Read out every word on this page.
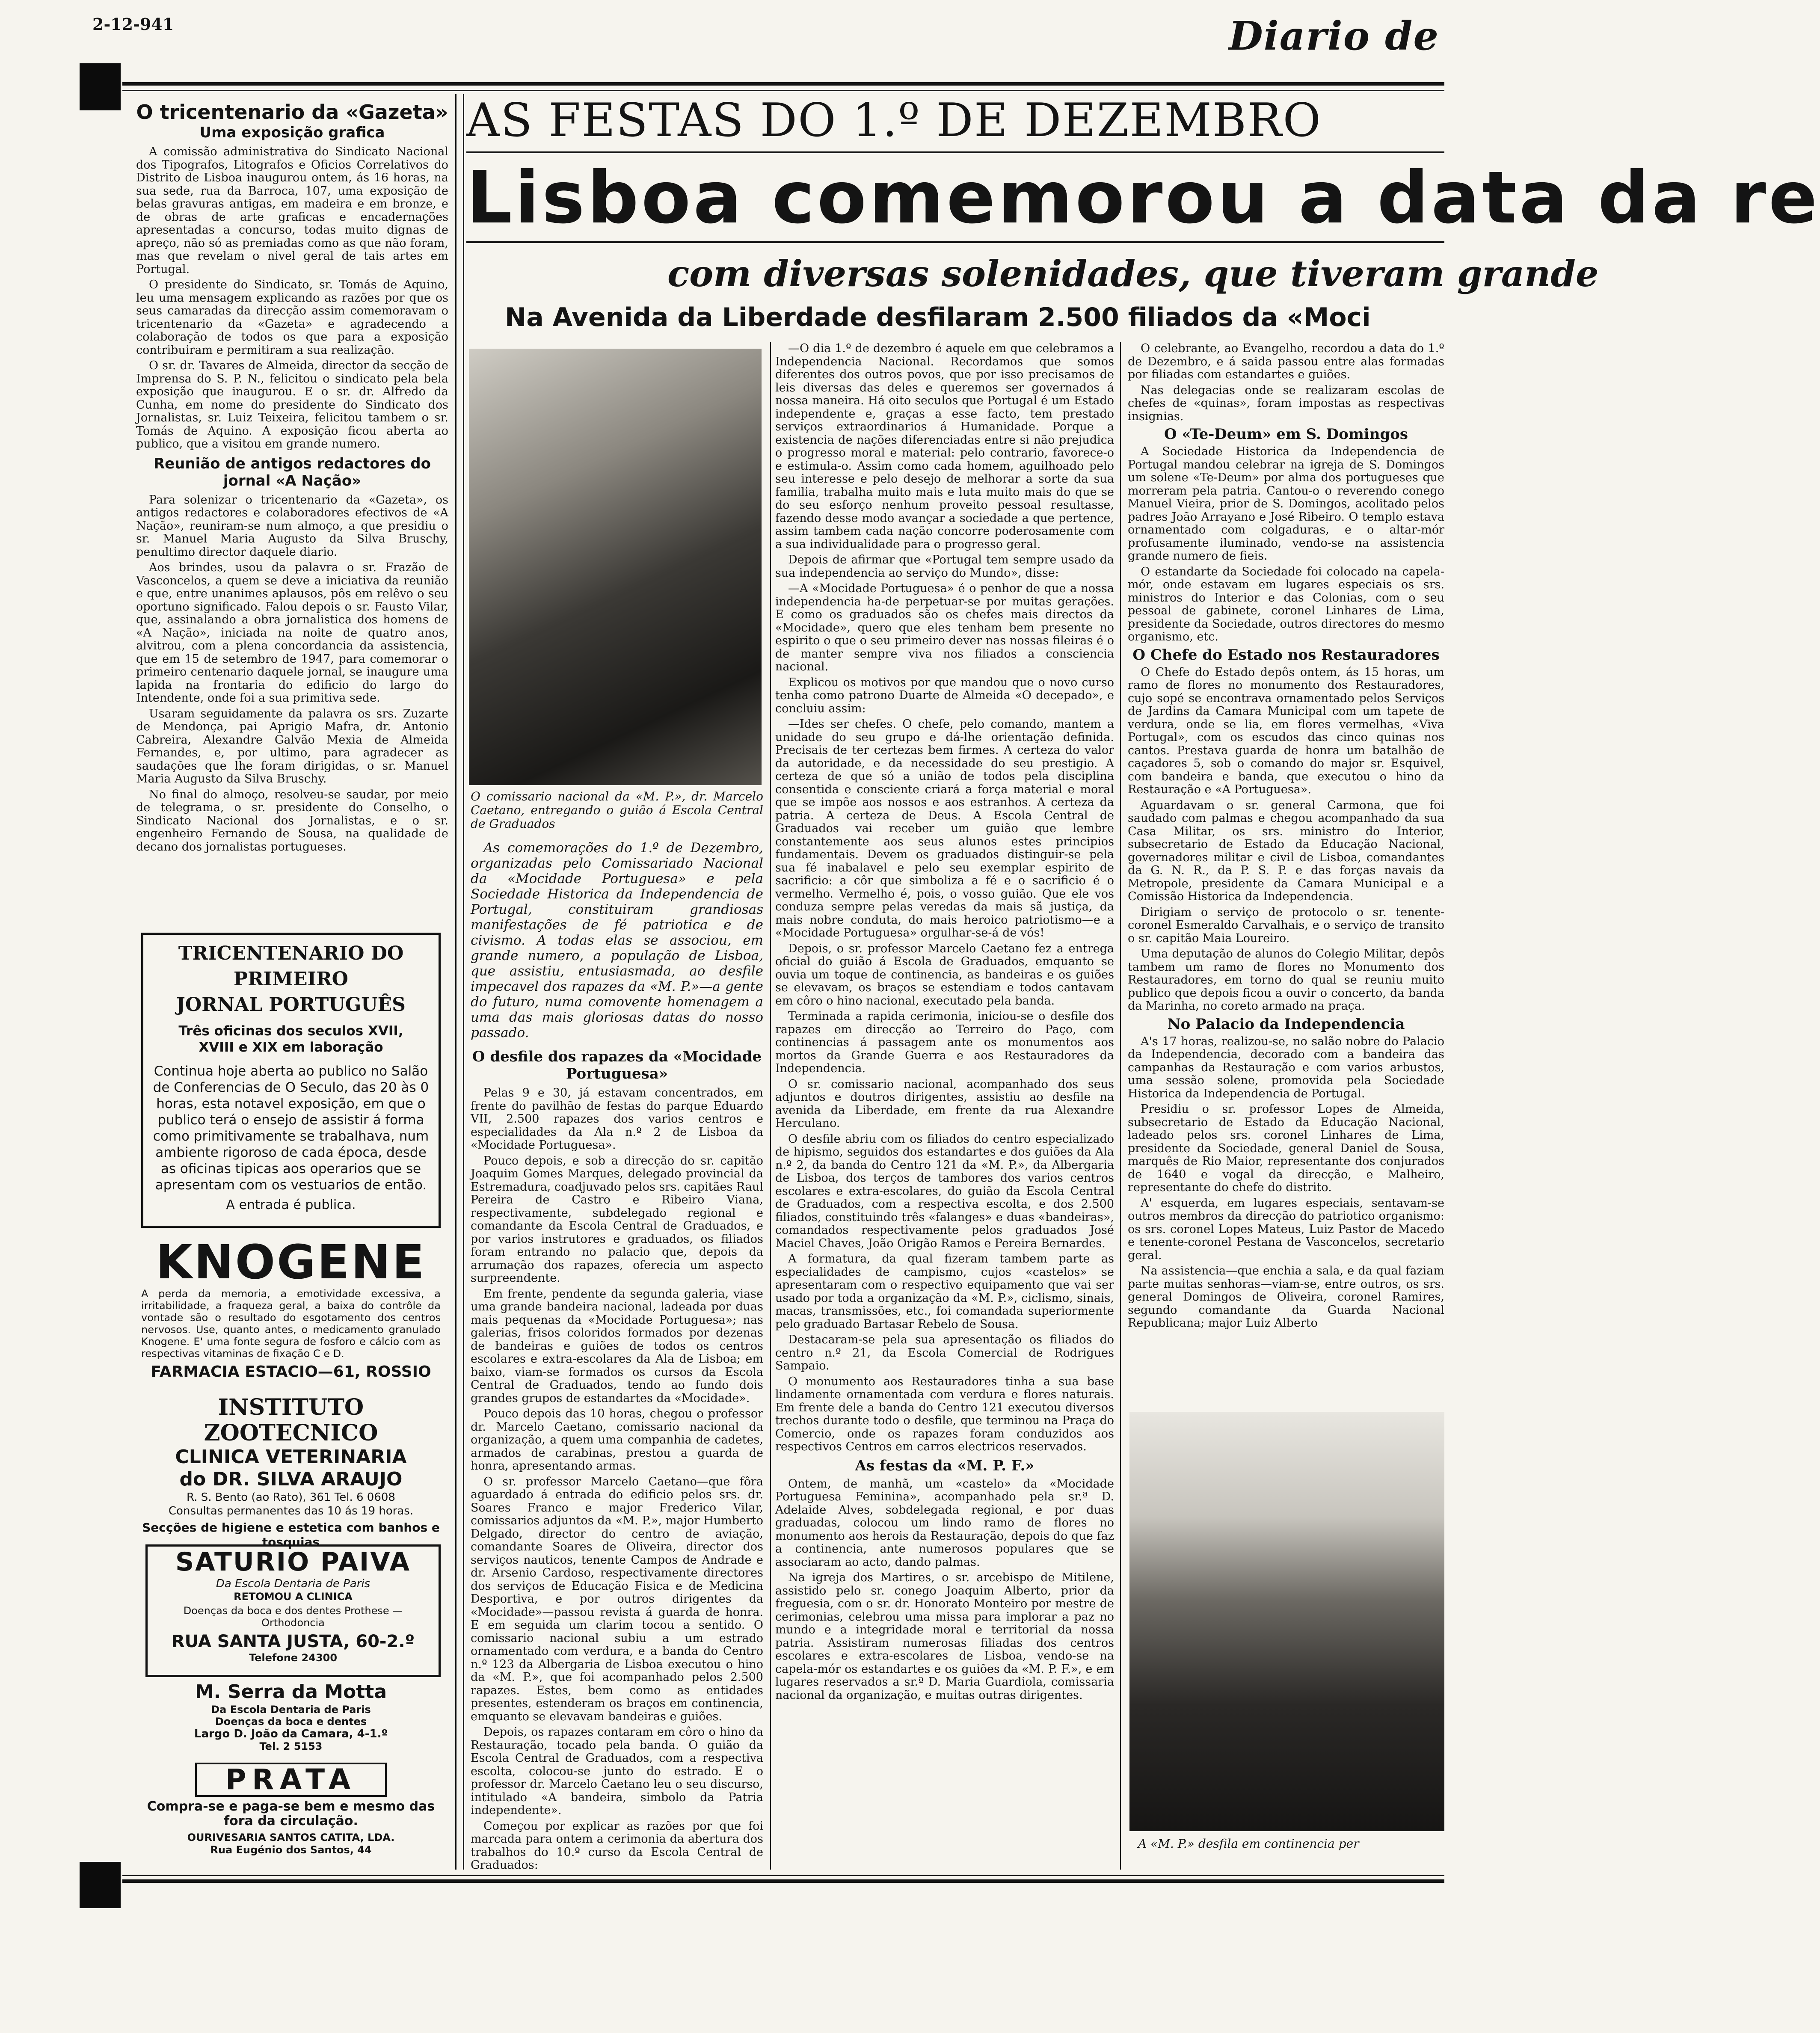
2-12-941	Diario de
O tricentenario da «Gazeta»
Uma exposição grafica

A comissão administrativa do Sindicato Nacional dos Tipografos, Litografos e Oficios Correlativos do Distrito de Lisboa inaugurou ontem, ás 16 horas, na sua sede, rua da Barroca, 107, uma exposição de belas gravuras antigas, em madeira e em bronze, e de obras de arte graficas e encadernações apresentadas a concurso, todas muito dignas de apreço, não só as premiadas como as que não foram, mas que revelam o nivel geral de tais artes em Portugal.

O presidente do Sindicato, sr. Tomás de Aquino, leu uma mensagem explicando as razões por que os seus camaradas da direcção assim comemoravam o tricentenario da «Gazeta» e agradecendo a colaboração de todos os que para a exposição contribuiram e permitiram a sua realização.

O sr. dr. Tavares de Almeida, director da secção de Imprensa do S. P. N., felicitou o sindicato pela bela exposição que inaugurou. E o sr. dr. Alfredo da Cunha, em nome do presidente do Sindicato dos Jornalistas, sr. Luiz Teixeira, felicitou tambem o sr. Tomás de Aquino. A exposição ficou aberta ao publico, que a visitou em grande numero.

Reunião de antigos redactores do jornal «A Nação»

Para solenizar o tricentenario da «Gazeta», os antigos redactores e colaboradores efectivos de «A Nação», reuniram-se num almoço, a que presidiu o sr. Manuel Maria Augusto da Silva Bruschy, penultimo director daquele diario.

Aos brindes, usou da palavra o sr. Frazão de Vasconcelos, a quem se deve a iniciativa da reunião e que, entre unanimes aplausos, pôs em relêvo o seu oportuno significado. Falou depois o sr. Fausto Vilar, que, assinalando a obra jornalistica dos homens de «A Nação», iniciada na noite de quatro anos, alvitrou, com a plena concordancia da assistencia, que em 15 de setembro de 1947, para comemorar o primeiro centenario daquele jornal, se inaugure uma lapida na frontaria do edificio do largo do Intendente, onde foi a sua primitiva sede.

Usaram seguidamente da palavra os srs. Zuzarte de Mendonça, pai Aprigio Mafra, dr. Antonio Cabreira, Alexandre Galvão Mexia de Almeida Fernandes, e, por ultimo, para agradecer as saudações que lhe foram dirigidas, o sr. Manuel Maria Augusto da Silva Bruschy.

No final do almoço, resolveu-se saudar, por meio de telegrama, o sr. presidente do Conselho, o Sindicato Nacional dos Jornalistas, e o sr. engenheiro Fernando de Sousa, na qualidade de decano dos jornalistas portugueses.

TRICENTENARIO DO PRIMEIRO
JORNAL PORTUGUÊS
Três oficinas dos seculos XVII,
XVIII e XIX em laboração
Continua hoje aberta ao publico no Salão de Conferencias de O Seculo, das 20 às 0 horas, esta notavel exposição, em que o publico terá o ensejo de assistir á forma como primitivamente se trabalhava, num ambiente rigoroso de cada época, desde as oficinas tipicas aos operarios que se apresentam com os vestuarios de então.
A entrada é publica.
KNOGENE
A perda da memoria, a emotividade excessiva, a irritabilidade, a fraqueza geral, a baixa do contrôle da vontade são o resultado do esgotamento dos centros nervosos. Use, quanto antes, o medicamento granulado Knogene. E' uma fonte segura de fosforo e cálcio com as respectivas vitaminas de fixação C e D.
FARMACIA ESTACIO—61, ROSSIO
INSTITUTO ZOOTECNICO
CLINICA VETERINARIA
do DR. SILVA ARAUJO
R. S. Bento (ao Rato), 361 Tel. 6 0608
Consultas permanentes das 10 ás 19 horas.
Secções de higiene e estetica com banhos e tosquias
SATURIO PAIVA
Da Escola Dentaria de Paris
RETOMOU A CLINICA
Doenças da boca e dos dentes Prothese — Orthodoncia
RUA SANTA JUSTA, 60-2.º
Telefone 24300
M. Serra da Motta
Da Escola Dentaria de Paris
Doenças da boca e dentes
Largo D. João da Camara, 4-1.º
Tel. 2 5153
PRATA
Compra-se e paga-se bem e mesmo das fora da circulação.
OURIVESARIA SANTOS CATITA, LDA.
Rua Eugénio dos Santos, 44
AS FESTAS DO 1.º DE DEZEMBRO
Lisboa comemorou a data da re
com diversas solenidades, que tiveram grande
Na Avenida da Liberdade desfilaram 2.500 filiados da «Moci
O comissario nacional da «M. P.», dr. Marcelo Caetano, entregando o guião á Escola Central de Graduados
As comemorações do 1.º de Dezembro, organizadas pelo Comissariado Nacional da «Mocidade Portuguesa» e pela Sociedade Historica da Independencia de Portugal, constituiram grandiosas manifestações de fé patriotica e de civismo. A todas elas se associou, em grande numero, a população de Lisboa, que assistiu, entusiasmada, ao desfile impecavel dos rapazes da «M. P.»—a gente do futuro, numa comovente homenagem a uma das mais gloriosas datas do nosso passado.
O desfile dos rapazes da «Mocidade Portuguesa»

Pelas 9 e 30, já estavam concentrados, em frente do pavilhão de festas do parque Eduardo VII, 2.500 rapazes dos varios centros e especialidades da Ala n.º 2 de Lisboa da «Mocidade Portuguesa».

Pouco depois, e sob a direcção do sr. capitão Joaquim Gomes Marques, delegado provincial da Estremadura, coadjuvado pelos srs. capitães Raul Pereira de Castro e Ribeiro Viana, respectivamente, subdelegado regional e comandante da Escola Central de Graduados, e por varios instrutores e graduados, os filiados foram entrando no palacio que, depois da arrumação dos rapazes, oferecia um aspecto surpreendente.

Em frente, pendente da segunda galeria, viase uma grande bandeira nacional, ladeada por duas mais pequenas da «Mocidade Portuguesa»; nas galerias, frisos coloridos formados por dezenas de bandeiras e guiões de todos os centros escolares e extra-escolares da Ala de Lisboa; em baixo, viam-se formados os cursos da Escola Central de Graduados, tendo ao fundo dois grandes grupos de estandartes da «Mocidade».

Pouco depois das 10 horas, chegou o professor dr. Marcelo Caetano, comissario nacional da organização, a quem uma companhia de cadetes, armados de carabinas, prestou a guarda de honra, apresentando armas.

O sr. professor Marcelo Caetano—que fôra aguardado á entrada do edificio pelos srs. dr. Soares Franco e major Frederico Vilar, comissarios adjuntos da «M. P.», major Humberto Delgado, director do centro de aviação, comandante Soares de Oliveira, director dos serviços nauticos, tenente Campos de Andrade e dr. Arsenio Cardoso, respectivamente directores dos serviços de Educação Fisica e de Medicina Desportiva, e por outros dirigentes da «Mocidade»—passou revista á guarda de honra. E em seguida um clarim tocou a sentido. O comissario nacional subiu a um estrado ornamentado com verdura, e a banda do Centro n.º 123 da Albergaria de Lisboa executou o hino da «M. P.», que foi acompanhado pelos 2.500 rapazes. Estes, bem como as entidades presentes, estenderam os braços em continencia, emquanto se elevavam bandeiras e guiões.

Depois, os rapazes contaram em côro o hino da Restauração, tocado pela banda. O guião da Escola Central de Graduados, com a respectiva escolta, colocou-se junto do estrado. E o professor dr. Marcelo Caetano leu o seu discurso, intitulado «A bandeira, simbolo da Patria independente».

Começou por explicar as razões por que foi marcada para ontem a cerimonia da abertura dos trabalhos do 10.º curso da Escola Central de Graduados:

—O dia 1.º de dezembro é aquele em que celebramos a Independencia Nacional. Recordamos que somos diferentes dos outros povos, que por isso precisamos de leis diversas das deles e queremos ser governados á nossa maneira. Há oito seculos que Portugal é um Estado independente e, graças a esse facto, tem prestado serviços extraordinarios á Humanidade. Porque a existencia de nações diferenciadas entre si não prejudica o progresso moral e material: pelo contrario, favorece-o e estimula-o. Assim como cada homem, aguilhoado pelo seu interesse e pelo desejo de melhorar a sorte da sua familia, trabalha muito mais e luta muito mais do que se do seu esforço nenhum proveito pessoal resultasse, fazendo desse modo avançar a sociedade a que pertence, assim tambem cada nação concorre poderosamente com a sua individualidade para o progresso geral.

Depois de afirmar que «Portugal tem sempre usado da sua independencia ao serviço do Mundo», disse:

—A «Mocidade Portuguesa» é o penhor de que a nossa independencia ha-de perpetuar-se por muitas gerações. E como os graduados são os chefes mais directos da «Mocidade», quero que eles tenham bem presente no espirito o que o seu primeiro dever nas nossas fileiras é o de manter sempre viva nos filiados a consciencia nacional.

Explicou os motivos por que mandou que o novo curso tenha como patrono Duarte de Almeida «O decepado», e concluiu assim:

—Ides ser chefes. O chefe, pelo comando, mantem a unidade do seu grupo e dá-lhe orientação definida. Precisais de ter certezas bem firmes. A certeza do valor da autoridade, e da necessidade do seu prestigio. A certeza de que só a união de todos pela disciplina consentida e consciente criará a força material e moral que se impõe aos nossos e aos estranhos. A certeza da patria. A certeza de Deus. A Escola Central de Graduados vai receber um guião que lembre constantemente aos seus alunos estes principios fundamentais. Devem os graduados distinguir-se pela sua fé inabalavel e pelo seu exemplar espirito de sacrificio: a côr que simboliza a fé e o sacrificio é o vermelho. Vermelho é, pois, o vosso guião. Que ele vos conduza sempre pelas veredas da mais sã justiça, da mais nobre conduta, do mais heroico patriotismo—e a «Mocidade Portuguesa» orgulhar-se-á de vós!

Depois, o sr. professor Marcelo Caetano fez a entrega oficial do guião á Escola de Graduados, emquanto se ouvia um toque de continencia, as bandeiras e os guiões se elevavam, os braços se estendiam e todos cantavam em côro o hino nacional, executado pela banda.

Terminada a rapida cerimonia, iniciou-se o desfile dos rapazes em direcção ao Terreiro do Paço, com continencias á passagem ante os monumentos aos mortos da Grande Guerra e aos Restauradores da Independencia.

O sr. comissario nacional, acompanhado dos seus adjuntos e doutros dirigentes, assistiu ao desfile na avenida da Liberdade, em frente da rua Alexandre Herculano.

O desfile abriu com os filiados do centro especializado de hipismo, seguidos dos estandartes e dos guiões da Ala n.º 2, da banda do Centro 121 da «M. P.», da Albergaria de Lisboa, dos terços de tambores dos varios centros escolares e extra-escolares, do guião da Escola Central de Graduados, com a respectiva escolta, e dos 2.500 filiados, constituindo três «falanges» e duas «bandeiras», comandados respectivamente pelos graduados José Maciel Chaves, João Origão Ramos e Pereira Bernardes.

A formatura, da qual fizeram tambem parte as especialidades de campismo, cujos «castelos» se apresentaram com o respectivo equipamento que vai ser usado por toda a organização da «M. P.», ciclismo, sinais, macas, transmissões, etc., foi comandada superiormente pelo graduado Bartasar Rebelo de Sousa.

Destacaram-se pela sua apresentação os filiados do centro n.º 21, da Escola Comercial de Rodrigues Sampaio.

O monumento aos Restauradores tinha a sua base lindamente ornamentada com verdura e flores naturais. Em frente dele a banda do Centro 121 executou diversos trechos durante todo o desfile, que terminou na Praça do Comercio, onde os rapazes foram conduzidos aos respectivos Centros em carros electricos reservados.

As festas da «M. P. F.»

Ontem, de manhã, um «castelo» da «Mocidade Portuguesa Feminina», acompanhado pela sr.ª D. Adelaide Alves, sobdelegada regional, e por duas graduadas, colocou um lindo ramo de flores no monumento aos herois da Restauração, depois do que faz a continencia, ante numerosos populares que se associaram ao acto, dando palmas.

Na igreja dos Martires, o sr. arcebispo de Mitilene, assistido pelo sr. conego Joaquim Alberto, prior da freguesia, com o sr. dr. Honorato Monteiro por mestre de cerimonias, celebrou uma missa para implorar a paz no mundo e a integridade moral e territorial da nossa patria. Assistiram numerosas filiadas dos centros escolares e extra-escolares de Lisboa, vendo-se na capela-mór os estandartes e os guiões da «M. P. F.», e em lugares reservados a sr.ª D. Maria Guardiola, comissaria nacional da organização, e muitas outras dirigentes.

O celebrante, ao Evangelho, recordou a data do 1.º de Dezembro, e á saida passou entre alas formadas por filiadas com estandartes e guiões.

Nas delegacias onde se realizaram escolas de chefes de «quinas», foram impostas as respectivas insignias.

O «Te-Deum» em S. Domingos

A Sociedade Historica da Independencia de Portugal mandou celebrar na igreja de S. Domingos um solene «Te-Deum» por alma dos portugueses que morreram pela patria. Cantou-o o reverendo conego Manuel Vieira, prior de S. Domingos, acolitado pelos padres João Arrayano e José Ribeiro. O templo estava ornamentado com colgaduras, e o altar-mór profusamente iluminado, vendo-se na assistencia grande numero de fieis.

O estandarte da Sociedade foi colocado na capela-mór, onde estavam em lugares especiais os srs. ministros do Interior e das Colonias, com o seu pessoal de gabinete, coronel Linhares de Lima, presidente da Sociedade, outros directores do mesmo organismo, etc.

O Chefe do Estado nos Restauradores

O Chefe do Estado depôs ontem, ás 15 horas, um ramo de flores no monumento dos Restauradores, cujo sopé se encontrava ornamentado pelos Serviços de Jardins da Camara Municipal com um tapete de verdura, onde se lia, em flores vermelhas, «Viva Portugal», com os escudos das cinco quinas nos cantos. Prestava guarda de honra um batalhão de caçadores 5, sob o comando do major sr. Esquivel, com bandeira e banda, que executou o hino da Restauração e «A Portuguesa».

Aguardavam o sr. general Carmona, que foi saudado com palmas e chegou acompanhado da sua Casa Militar, os srs. ministro do Interior, subsecretario de Estado da Educação Nacional, governadores militar e civil de Lisboa, comandantes da G. N. R., da P. S. P. e das forças navais da Metropole, presidente da Camara Municipal e a Comissão Historica da Independencia.

Dirigiam o serviço de protocolo o sr. tenente-coronel Esmeraldo Carvalhais, e o serviço de transito o sr. capitão Maia Loureiro.

Uma deputação de alunos do Colegio Militar, depôs tambem um ramo de flores no Monumento dos Restauradores, em torno do qual se reuniu muito publico que depois ficou a ouvir o concerto, da banda da Marinha, no coreto armado na praça.

No Palacio da Independencia

A's 17 horas, realizou-se, no salão nobre do Palacio da Independencia, decorado com a bandeira das campanhas da Restauração e com varios arbustos, uma sessão solene, promovida pela Sociedade Historica da Independencia de Portugal.

Presidiu o sr. professor Lopes de Almeida, subsecretario de Estado da Educação Nacional, ladeado pelos srs. coronel Linhares de Lima, presidente da Sociedade, general Daniel de Sousa, marquês de Rio Maior, representante dos conjurados de 1640 e vogal da direcção, e Malheiro, representante do chefe do distrito.

A' esquerda, em lugares especiais, sentavam-se outros membros da direcção do patriotico organismo: os srs. coronel Lopes Mateus, Luiz Pastor de Macedo e tenente-coronel Pestana de Vasconcelos, secretario geral.

Na assistencia—que enchia a sala, e da qual faziam parte muitas senhoras—viam-se, entre outros, os srs. general Domingos de Oliveira, coronel Ramires, segundo comandante da Guarda Nacional Republicana; major Luiz Alberto

A «M. P.» desfila em continencia per
